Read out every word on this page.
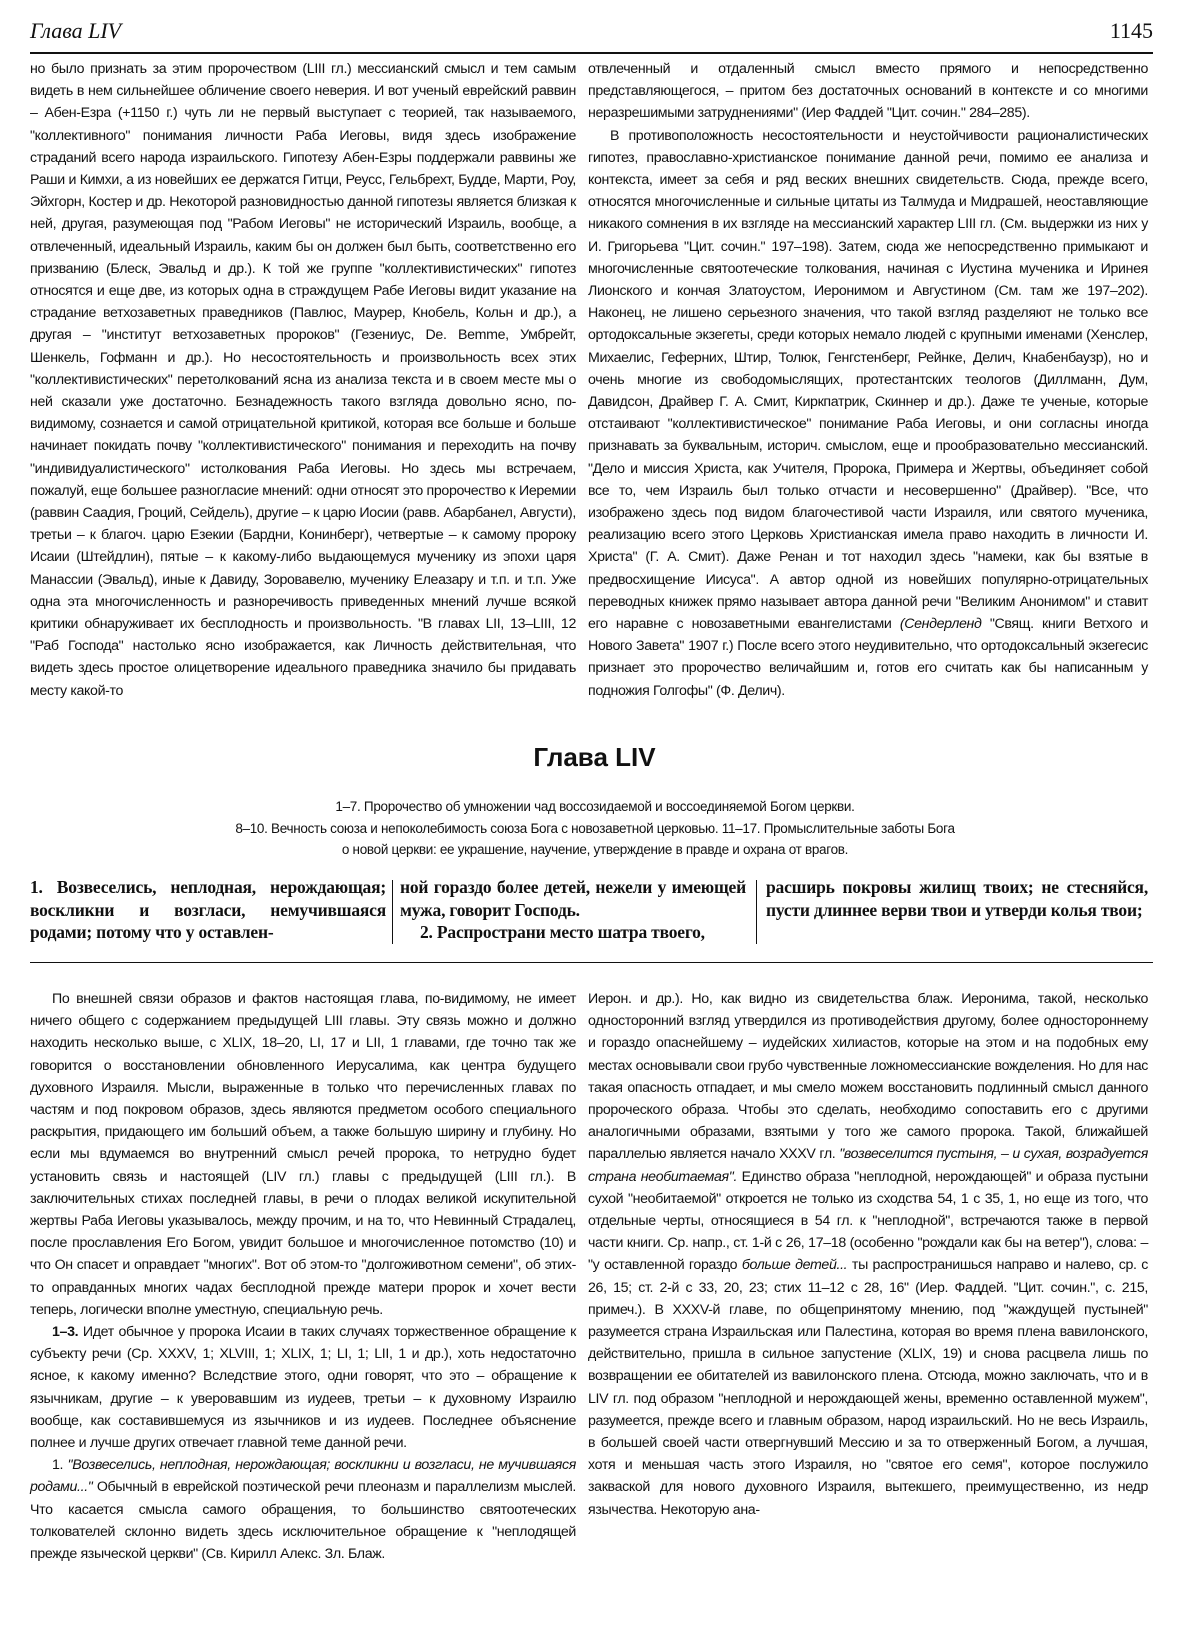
Глава LIV	1145

но было признать за этим пророчеством (LIII гл.) мессианский смысл и тем самым видеть в нем сильнейшее обличение своего неверия. И вот ученый еврейский раввин – Абен-Езра (+1150 г.) чуть ли не первый выступает с теорией, так называемого, "коллективного" понимания личности Раба Иеговы, видя здесь изображение страданий всего народа израильского. Гипотезу Абен-Езры поддержали раввины же Раши и Кимхи, а из новейших ее держатся Гитци, Реусс, Гельбрехт, Будде, Марти, Роу, Эйхгорн, Костер и др. Некоторой разновидностью данной гипотезы является близкая к ней, другая, разумеющая под "Рабом Иеговы" не исторический Израиль, вообще, а отвлеченный, идеальный Израиль, каким бы он должен был быть, соответственно его призванию (Блеск, Эвальд и др.). К той же группе "коллективистических" гипотез относятся и еще две, из которых одна в страждущем Рабе Иеговы видит указание на страдание ветхозаветных праведников (Павлюс, Маурер, Кнобель, Кольн и др.), а другая – "институт ветхозаветных пророков" (Гезениус, De. Bemme, Умбрейт, Шенкель, Гофманн и др.). Но несостоятельность и произвольность всех этих "коллективистических" перетолкований ясна из анализа текста и в своем месте мы о ней сказали уже достаточно. Безнадежность такого взгляда довольно ясно, по-видимому, сознается и самой отрицательной критикой, которая все больше и больше начинает покидать почву "коллективистического" понимания и переходить на почву "индивидуалистического" истолкования Раба Иеговы. Но здесь мы встречаем, пожалуй, еще большее разногласие мнений: одни относят это пророчество к Иеремии (раввин Саадия, Гроций, Сейдель), другие – к царю Иосии (равв. Абарбанел, Августи), третьи – к благоч. царю Езекии (Бардни, Конинберг), четвертые – к самому пророку Исаии (Штейдлин), пятые – к какому-либо выдающемуся мученику из эпохи царя Манассии (Эвальд), иные к Давиду, Зоровавелю, мученику Елеазару и т.п. и т.п. Уже одна эта многочисленность и разноречивость приведенных мнений лучше всякой критики обнаруживает их бесплодность и произвольность. "В главах LII, 13–LIII, 12 "Раб Господа" настолько ясно изображается, как Личность действительная, что видеть здесь простое олицетворение идеального праведника значило бы придавать месту какой-то

отвлеченный и отдаленный смысл вместо прямого и непосредственно представляющегося, – притом без достаточных оснований в контексте и со многими неразрешимыми затруднениями" (Иер Фаддей "Цит. сочин." 284–285).

В противоположность несостоятельности и неустойчивости рационалистических гипотез, православно-христианское понимание данной речи, помимо ее анализа и контекста, имеет за себя и ряд веских внешних свидетельств. Сюда, прежде всего, относятся многочисленные и сильные цитаты из Талмуда и Мидрашей, неоставляющие никакого сомнения в их взгляде на мессианский характер LIII гл. (См. выдержки из них у И. Григорьева "Цит. сочин." 197–198). Затем, сюда же непосредственно примыкают и многочисленные святоотеческие толкования, начиная с Иустина мученика и Иринея Лионского и кончая Златоустом, Иеронимом и Августином (См. там же 197–202). Наконец, не лишено серьезного значения, что такой взгляд разделяют не только все ортодоксальные экзегеты, среди которых немало людей с крупными именами (Хенслер, Михаелис, Геферних, Штир, Толюк, Генгстенберг, Рейнке, Делич, Кнабенбаузр), но и очень многие из свободомыслящих, протестантских теологов (Диллманн, Дум, Давидсон, Драйвер Г. А. Смит, Киркпатрик, Скиннер и др.). Даже те ученые, которые отстаивают "коллективистическое" понимание Раба Иеговы, и они согласны иногда признавать за буквальным, историч. смыслом, еще и прообразовательно мессианский. "Дело и миссия Христа, как Учителя, Пророка, Примера и Жертвы, объединяет собой все то, чем Израиль был только отчасти и несовершенно" (Драйвер). "Все, что изображено здесь под видом благочестивой части Израиля, или святого мученика, реализацию всего этого Церковь Христианская имела право находить в личности И. Христа" (Г. А. Смит). Даже Ренан и тот находил здесь "намеки, как бы взятые в предвосхищение Иисуса". А автор одной из новейших популярно-отрицательных переводных книжек прямо называет автора данной речи "Великим Анонимом" и ставит его наравне с новозаветными евангелистами (Сендерленд "Свящ. книги Ветхого и Нового Завета" 1907 г.) После всего этого неудивительно, что ортодоксальный экзегесис признает это пророчество величайшим и, готов его считать как бы написанным у подножия Голгофы" (Ф. Делич).

Глава LIV
1–7. Пророчество об умножении чад воссозидаемой и воссоединяемой Богом церкви.
8–10. Вечность союза и непоколебимость союза Бога с новозаветной церковью. 11–17. Промыслительные заботы Бога
о новой церкви: ее украшение, научение, утверждение в правде и охрана от врагов.
1. Возвеселись, неплодная, нерождающая; воскликни и возгласи, немучившаяся родами; потому что у оставлен-
ной гораздо более детей, нежели у имеющей мужа, говорит Господь.
2. Распространи место шатра твоего,
расширь покровы жилищ твоих; не стесняйся, пусти длиннее верви твои и утверди колья твои;

По внешней связи образов и фактов настоящая глава, по-видимому, не имеет ничего общего с содержанием предыдущей LIII главы. Эту связь можно и должно находить несколько выше, с XLIX, 18–20, LI, 17 и LII, 1 главами, где точно так же говорится о восстановлении обновленного Иерусалима, как центра будущего духовного Израиля. Мысли, выраженные в только что перечисленных главах по частям и под покровом образов, здесь являются предметом особого специального раскрытия, придающего им больший объем, а также большую ширину и глубину. Но если мы вдумаемся во внутренний смысл речей пророка, то нетрудно будет установить связь и настоящей (LIV гл.) главы с предыдущей (LIII гл.). В заключительных стихах последней главы, в речи о плодах великой искупительной жертвы Раба Иеговы указывалось, между прочим, и на то, что Невинный Страдалец, после прославления Его Богом, увидит большое и многочисленное потомство (10) и что Он спасет и оправдает "многих". Вот об этом-то "долгоживотном семени", об этих-то оправданных многих чадах бесплодной прежде матери пророк и хочет вести теперь, логически вполне уместную, специальную речь.

1–3. Идет обычное у пророка Исаии в таких случаях торжественное обращение к субъекту речи (Ср. XXXV, 1; XLVIII, 1; XLIX, 1; LI, 1; LII, 1 и др.), хоть недостаточно ясное, к какому именно? Вследствие этого, одни говорят, что это – обращение к язычникам, другие – к уверовавшим из иудеев, третьи – к духовному Израилю вообще, как составившемуся из язычников и из иудеев. Последнее объяснение полнее и лучше других отвечает главной теме данной речи.

1. "Возвеселись, неплодная, нерождающая; воскликни и возгласи, не мучившаяся родами..." Обычный в еврейской поэтической речи плеоназм и параллелизм мыслей. Что касается смысла самого обращения, то большинство святоотеческих толкователей склонно видеть здесь исключительное обращение к "неплодящей прежде языческой церкви" (Св. Кирилл Алекс. Зл. Блаж.

Иерон. и др.). Но, как видно из свидетельства блаж. Иеронима, такой, несколько односторонний взгляд утвердился из противодействия другому, более одностороннему и гораздо опаснейшему – иудейских хилиастов, которые на этом и на подобных ему местах основывали свои грубо чувственные ложномессианские вожделения. Но для нас такая опасность отпадает, и мы смело можем восстановить подлинный смысл данного пророческого образа. Чтобы это сделать, необходимо сопоставить его с другими аналогичными образами, взятыми у того же самого пророка. Такой, ближайшей параллелью является начало XXXV гл. "возвеселится пустыня, – и сухая, возрадуется страна необитаемая". Единство образа "неплодной, нерождающей" и образа пустыни сухой "необитаемой" откроется не только из сходства 54, 1 с 35, 1, но еще из того, что отдельные черты, относящиеся в 54 гл. к "неплодной", встречаются также в первой части книги. Ср. напр., ст. 1-й с 26, 17–18 (особенно "рождали как бы на ветер"), слова: – "у оставленной гораздо больше детей... ты распространишься направо и налево, ср. с 26, 15; ст. 2-й с 33, 20, 23; стих 11–12 с 28, 16" (Иер. Фаддей. "Цит. сочин.", с. 215, примеч.). В XXXV-й главе, по общепринятому мнению, под "жаждущей пустыней" разумеется страна Израильская или Палестина, которая во время плена вавилонского, действительно, пришла в сильное запустение (XLIX, 19) и снова расцвела лишь по возвращении ее обитателей из вавилонского плена. Отсюда, можно заключать, что и в LIV гл. под образом "неплодной и нерождающей жены, временно оставленной мужем", разумеется, прежде всего и главным образом, народ израильский. Но не весь Израиль, в большей своей части отвергнувший Мессию и за то отверженный Богом, а лучшая, хотя и меньшая часть этого Израиля, но "святое его семя", которое послужило закваской для нового духовного Израиля, вытекшего, преимущественно, из недр язычества. Некоторую ана-
